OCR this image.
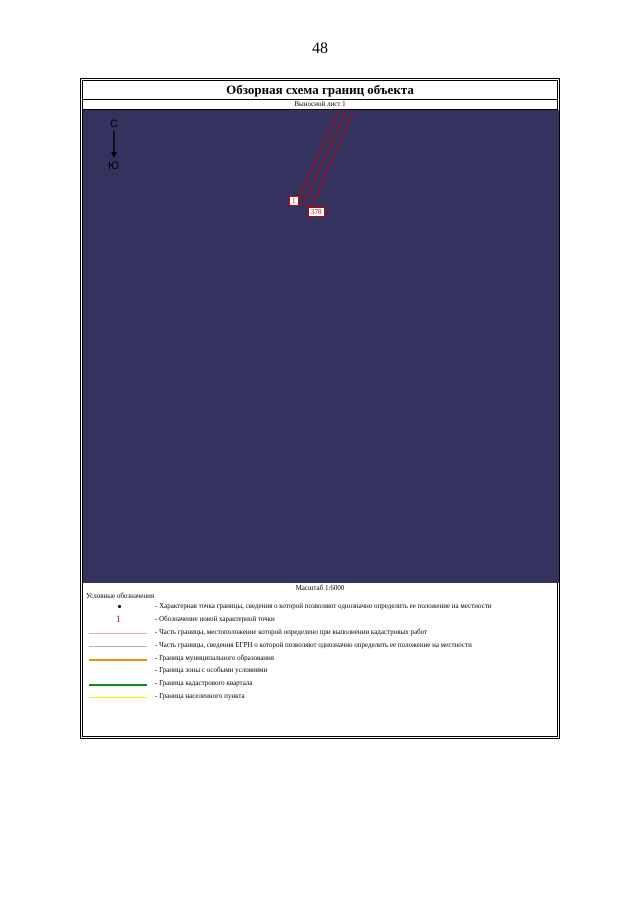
48
Обзорная схема границ объекта
Выносной лист 1
С
Ю
1
378
Масштаб 1:6000
Условные обозначения
- Характерная точка границы, сведения о которой позволяют однозначно определить ее положение на местности
1	- Обозначение новой характерной точки
- Часть границы, местоположение которой определено при выполнении кадастровых работ
- Часть границы, сведения ЕГРН о которой позволяют однозначно определить ее положение на местности
- Граница муниципального образования
- Граница зоны с особыми условиями
- Граница кадастрового квартала
- Граница населенного пункта
